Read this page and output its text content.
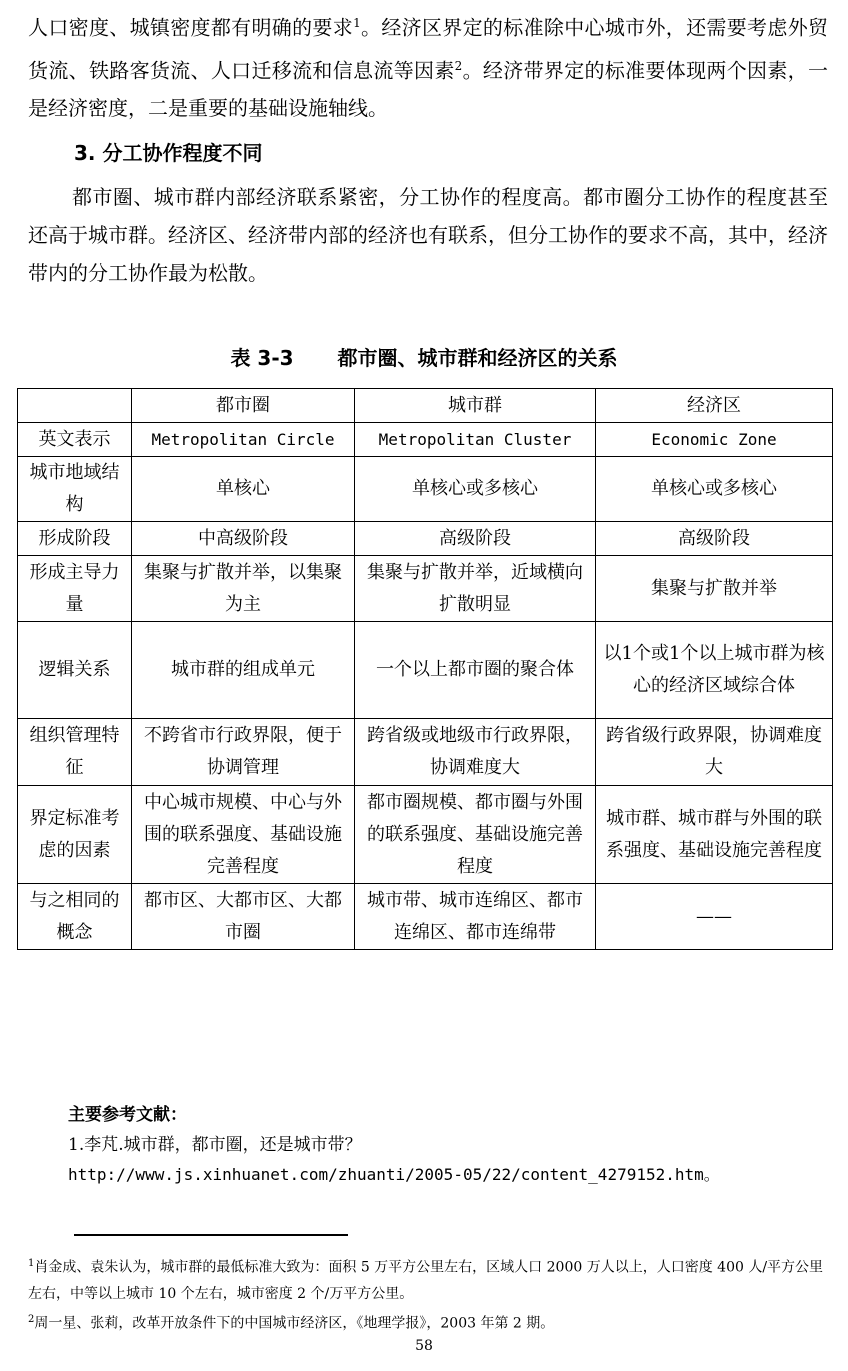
人口密度、城镇密度都有明确的要求$^1$。经济区界定的标准除中心城市外，还需要考虑外贸货流、铁路客货流、人口迁移流和信息流等因素$^2$。经济带界定的标准要体现两个因素，一是经济密度，二是重要的基础设施轴线。

3. 分工协作程度不同

都市圈、城市群内部经济联系紧密，分工协作的程度高。都市圈分工协作的程度甚至还高于城市群。经济区、经济带内部的经济也有联系，但分工协作的要求不高，其中，经济带内的分工协作最为松散。

表 3-3 都市圈、城市群和经济区的关系
	都市圈	城市群	经济区
英文表示	Metropolitan Circle	Metropolitan Cluster	Economic Zone
城市地域结构	单核心	单核心或多核心	单核心或多核心
形成阶段	中高级阶段	高级阶段	高级阶段
形成主导力量	集聚与扩散并举，以集聚为主	集聚与扩散并举，近域横向扩散明显	集聚与扩散并举
逻辑关系	城市群的组成单元	一个以上都市圈的聚合体	以1个或1个以上城市群为核心的经济区域综合体
组织管理特征	不跨省市行政界限，便于协调管理	跨省级或地级市行政界限，协调难度大	跨省级行政界限，协调难度大
界定标准考虑的因素	中心城市规模、中心与外围的联系强度、基础设施完善程度	都市圈规模、都市圈与外围的联系强度、基础设施完善程度	城市群、城市群与外围的联系强度、基础设施完善程度
与之相同的概念	都市区、大都市区、大都市圈	城市带、城市连绵区、都市连绵区、都市连绵带	——
主要参考文献：
1.李芃.城市群，都市圈，还是城市带？
http://www.js.xinhuanet.com/zhuanti/2005-05/22/content_4279152.htm。
$^1$肖金成、袁朱认为，城市群的最低标准大致为：面积 5 万平方公里左右，区域人口 2000 万人以上，人口密度 400 人/平方公里左右，中等以上城市 10 个左右，城市密度 2 个/万平方公里。
$^2$周一星、张莉，改革开放条件下的中国城市经济区，《地理学报》，2003 年第 2 期。
58
